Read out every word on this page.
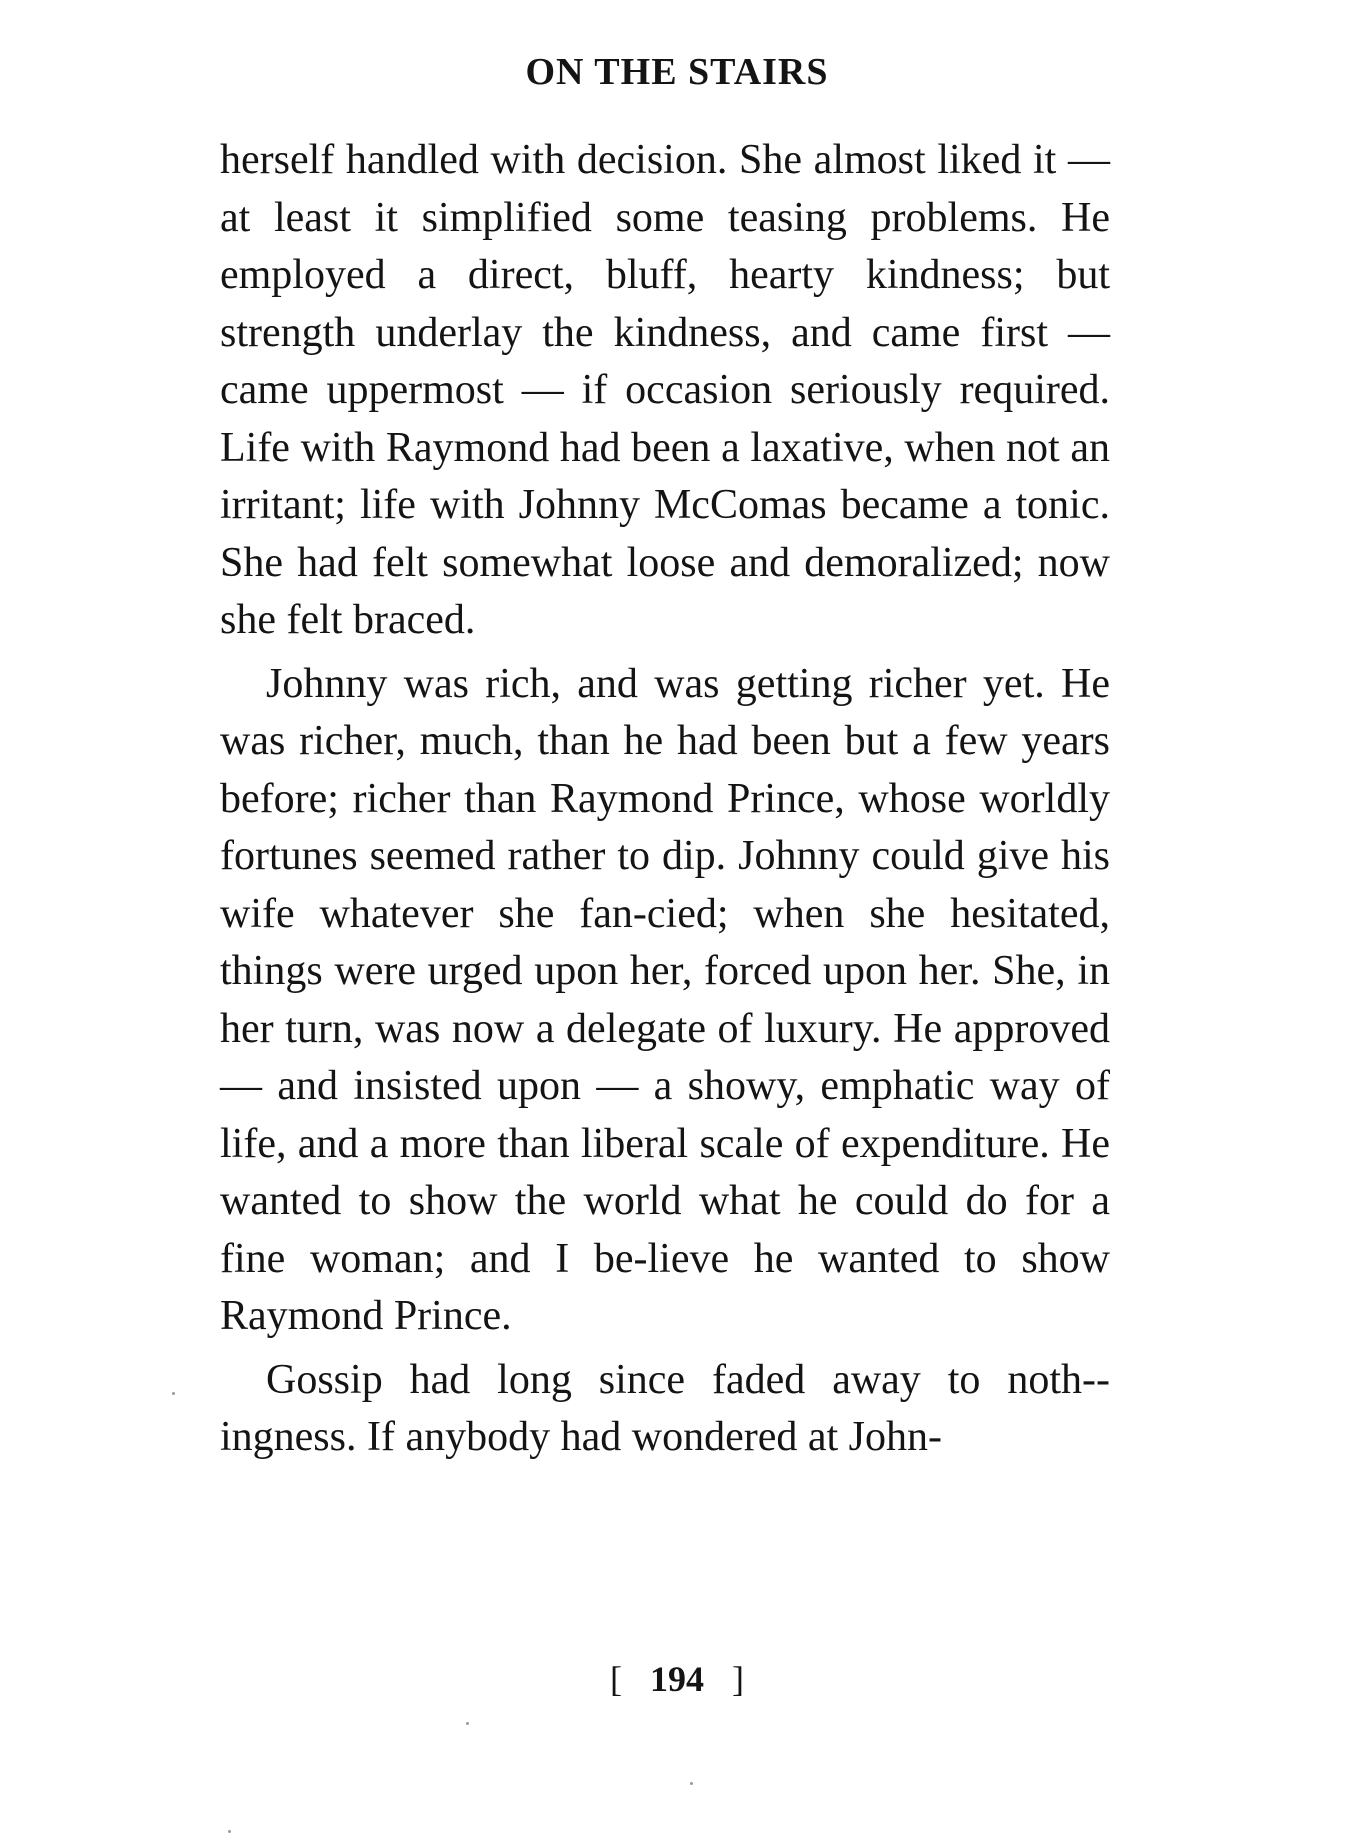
ON THE STAIRS

herself handled with decision. She almost liked it — at least it simplified some teasing problems. He employed a direct, bluff, hearty kindness; but strength underlay the kindness, and came first — came uppermost — if occasion seriously required. Life with Raymond had been a laxative, when not an irritant; life with Johnny McComas became a tonic. She had felt somewhat loose and demoralized; now she felt braced.

Johnny was rich, and was getting richer yet. He was richer, much, than he had been but a few years before; richer than Raymond Prince, whose worldly fortunes seemed rather to dip. Johnny could give his wife whatever she fan-cied; when she hesitated, things were urged upon her, forced upon her. She, in her turn, was now a delegate of luxury. He approved — and insisted upon — a showy, emphatic way of life, and a more than liberal scale of expenditure. He wanted to show the world what he could do for a fine woman; and I be-lieve he wanted to show Raymond Prince.

Gossip had long since faded away to noth-ingness. If anybody had wondered at John-

[ 194 ]
